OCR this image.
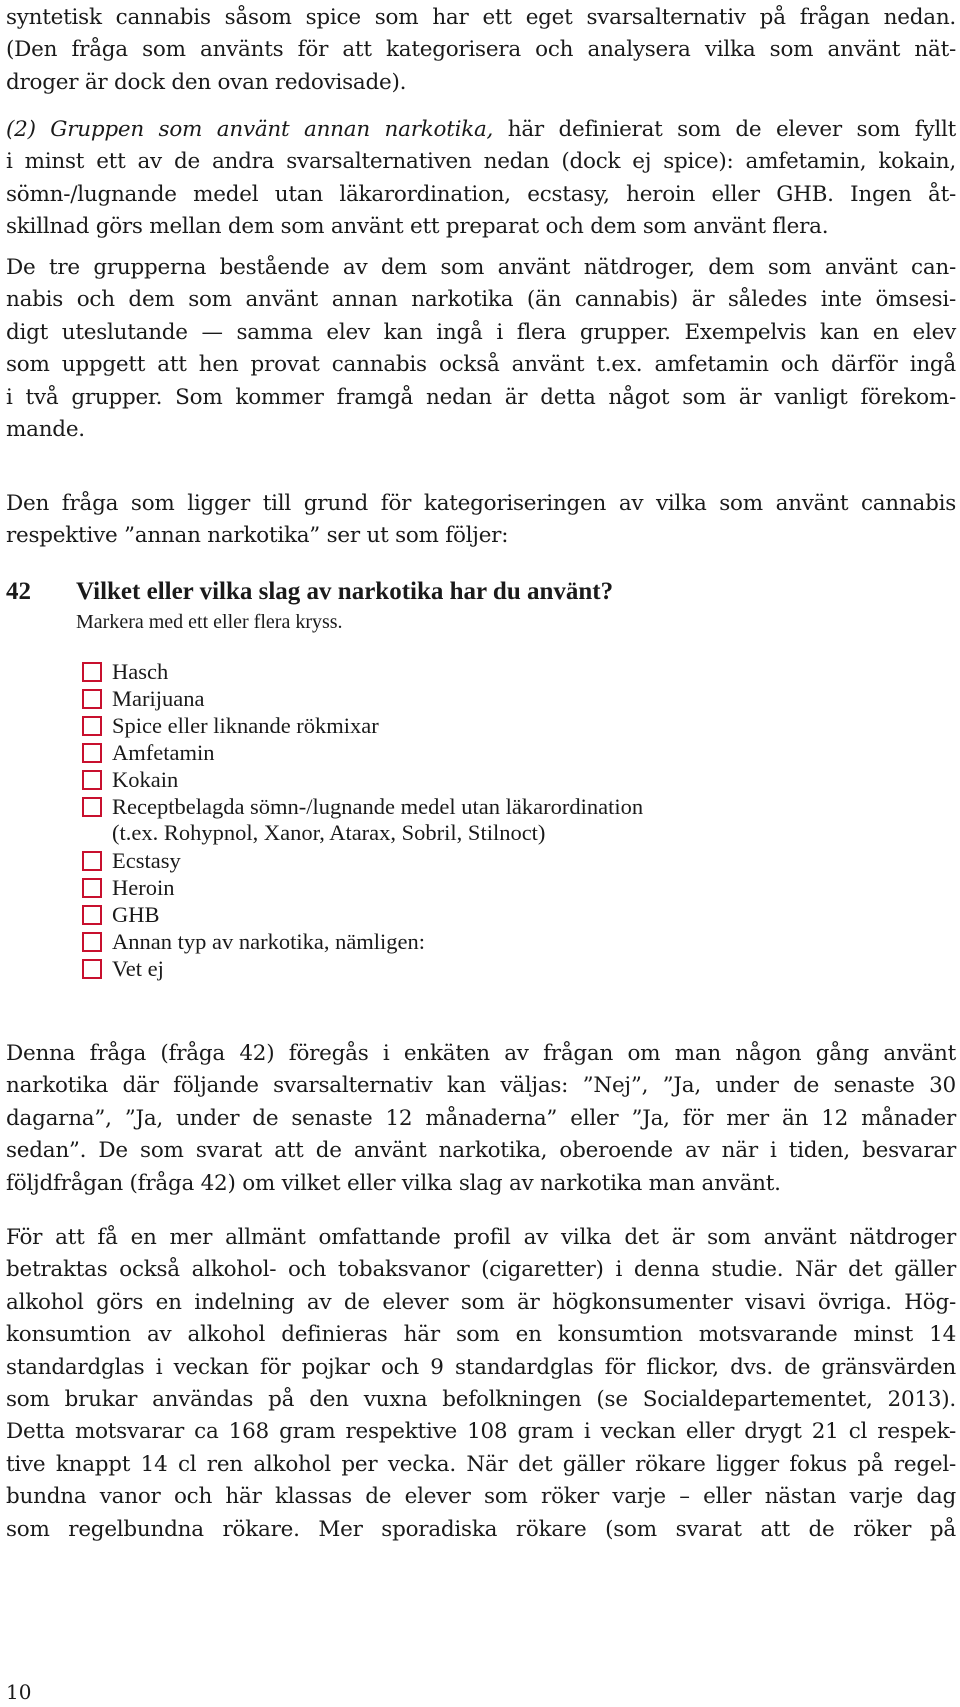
syntetisk cannabis såsom spice som har ett eget svarsalternativ på frågan nedan.
(Den fråga som använts för att kategorisera och analysera vilka som använt nät-
droger är dock den ovan redovisade).
(2) Gruppen som använt annan narkotika, här definierat som de elever som fyllt
i minst ett av de andra svarsalternativen nedan (dock ej spice): amfetamin, kokain,
sömn-/lugnande medel utan läkarordination, ecstasy, heroin eller GHB. Ingen åt-
skillnad görs mellan dem som använt ett preparat och dem som använt flera.
De tre grupperna bestående av dem som använt nätdroger, dem som använt can-
nabis och dem som använt annan narkotika (än cannabis) är således inte ömsesi-
digt uteslutande — samma elev kan ingå i flera grupper. Exempelvis kan en elev
som uppgett att hen provat cannabis också använt t.ex. amfetamin och därför ingå
i två grupper. Som kommer framgå nedan är detta något som är vanligt förekom-
mande.
Den fråga som ligger till grund för kategoriseringen av vilka som använt cannabis
respektive ”annan narkotika” ser ut som följer:
42 Vilket eller vilka slag av narkotika har du använt?
Markera med ett eller flera kryss.
Hasch
Marijuana
Spice eller liknande rökmixar
Amfetamin
Kokain
Receptbelagda sömn-/lugnande medel utan läkarordination
(t.ex. Rohypnol, Xanor, Atarax, Sobril, Stilnoct)
Ecstasy
Heroin
GHB
Annan typ av narkotika, nämligen:
Vet ej
Denna fråga (fråga 42) föregås i enkäten av frågan om man någon gång använt
narkotika där följande svarsalternativ kan väljas: ”Nej”, ”Ja, under de senaste 30
dagarna”, ”Ja, under de senaste 12 månaderna” eller ”Ja, för mer än 12 månader
sedan”. De som svarat att de använt narkotika, oberoende av när i tiden, besvarar
följdfrågan (fråga 42) om vilket eller vilka slag av narkotika man använt.
För att få en mer allmänt omfattande profil av vilka det är som använt nätdroger
betraktas också alkohol- och tobaksvanor (cigaretter) i denna studie. När det gäller
alkohol görs en indelning av de elever som är högkonsumenter visavi övriga. Hög-
konsumtion av alkohol definieras här som en konsumtion motsvarande minst 14
standardglas i veckan för pojkar och 9 standardglas för flickor, dvs. de gränsvärden
som brukar användas på den vuxna befolkningen (se Socialdepartementet, 2013).
Detta motsvarar ca 168 gram respektive 108 gram i veckan eller drygt 21 cl respek-
tive knappt 14 cl ren alkohol per vecka. När det gäller rökare ligger fokus på regel-
bundna vanor och här klassas de elever som röker varje – eller nästan varje dag
som regelbundna rökare. Mer sporadiska rökare (som svarat att de röker på
10
